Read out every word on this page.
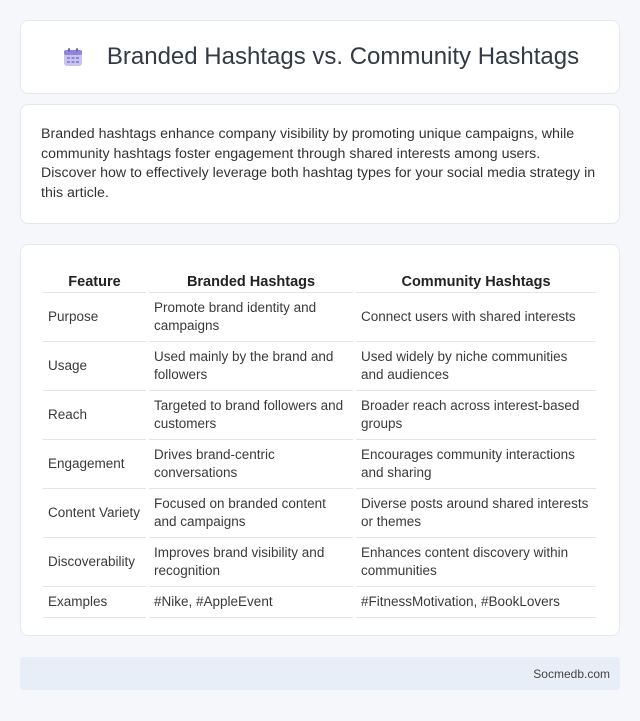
Branded Hashtags vs. Community Hashtags

Branded hashtags enhance company visibility by promoting unique campaigns, while community hashtags foster engagement through shared interests among users. Discover how to effectively leverage both hashtag types for your social media strategy in this article.

Feature	Branded Hashtags	Community Hashtags
Purpose	Promote brand identity and campaigns	Connect users with shared interests
Usage	Used mainly by the brand and followers	Used widely by niche communities and audiences
Reach	Targeted to brand followers and customers	Broader reach across interest-based groups
Engagement	Drives brand-centric conversations	Encourages community interactions and sharing
Content Variety	Focused on branded content and campaigns	Diverse posts around shared interests or themes
Discoverability	Improves brand visibility and recognition	Enhances content discovery within communities
Examples	#Nike, #AppleEvent	#FitnessMotivation, #BookLovers
Socmedb.com
